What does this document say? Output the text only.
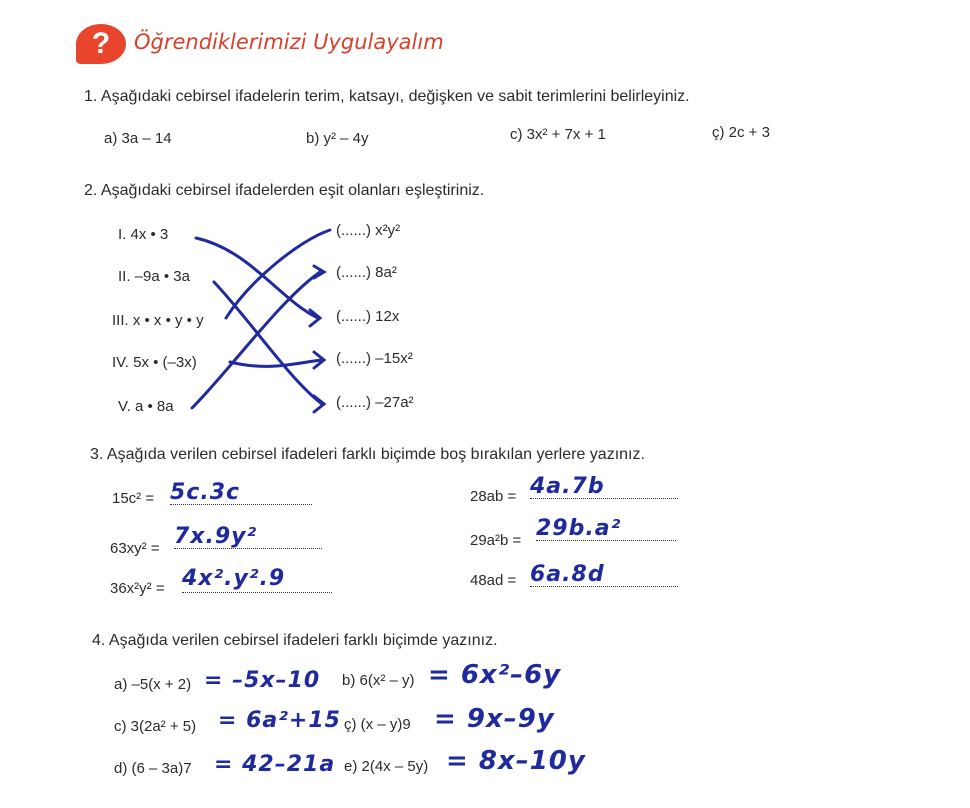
?	Öğrendiklerimizi Uygulayalım
1. Aşağıdaki cebirsel ifadelerin terim, katsayı, değişken ve sabit terimlerini belirleyiniz.
a) 3a – 14	b) y² – 4y	c) 3x² + 7x + 1	ç) 2c + 3
2. Aşağıdaki cebirsel ifadelerden eşit olanları eşleştiriniz.
I. 4x • 3
II. –9a • 3a
III. x • x • y • y
IV. 5x • (–3x)
V. a • 8a
(......) x²y²
(......) 8a²
(......) 12x
(......) –15x²
(......) –27a²
3. Aşağıda verilen cebirsel ifadeleri farklı biçimde boş bırakılan yerlere yazınız.
15c² = 5c.3c	28ab = 4a.7b
63xy² = 7x.9y²	29a²b = 29b.a²
36x²y² = 4x².y².9	48ad = 6a.8d
4. Aşağıda verilen cebirsel ifadeleri farklı biçimde yazınız.
a) –5(x + 2) = –5x–10 b) 6(x² – y) = 6x²–6y
c) 3(2a² + 5) = 6a²+15 ç) (x – y)9 = 9x–9y
d) (6 – 3a)7 = 42–21a e) 2(4x – 5y) = 8x–10y
